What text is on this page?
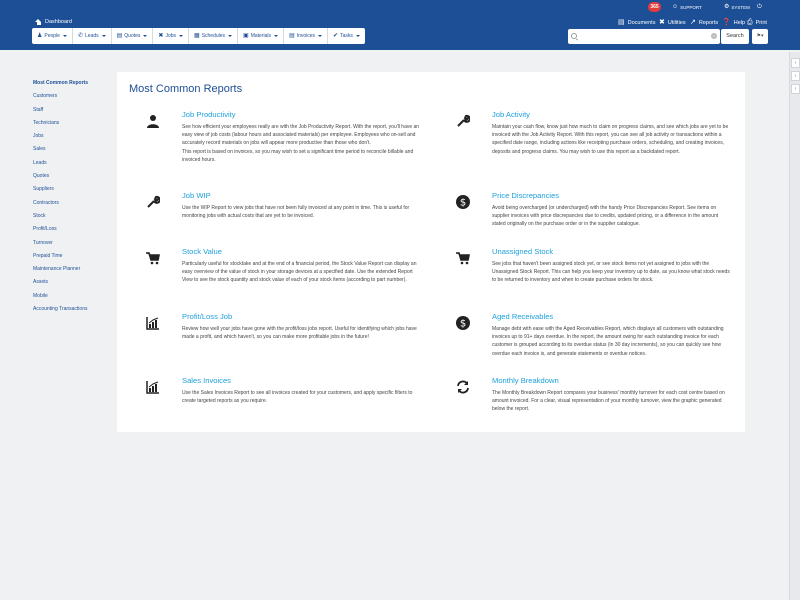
Dashboard
365	☺ SUPPORT	⚙ SYSTEM ⏻
▤ Documents ✖ Utilities ↗ Reports ❓ Help ⎙ Print
♟ People	✆ Leads	▤ Quotes	✖ Jobs	▦ Schedules	▣ Materials	▤ Invoices	✔ Tasks	×	Search	⚑▾
‹
‹
‹
Most Common Reports
Customers
Staff
Technicians
Jobs
Sales
Leads
Quotes
Suppliers
Contractors
Stock
Profit/Loss
Turnover
Prepaid Time
Maintenance Planner
Assets
Mobile
Accounting Transactions
Most Common Reports
Job Productivity
See how efficient your employees really are with the Job Productivity Report. With the report, you'll have an easy view of job costs (labour hours and associated materials) per employee. Employees who on-sell and accurately record materials on jobs will appear more productive than those who don't.
This report is based on invoices, so you may wish to set a significant time period to reconcile billable and invoiced hours.
Job Activity
Maintain your cash flow, know just how much to claim on progress claims, and see which jobs are yet to be invoiced with the Job Activity Report. With this report, you can see all job activity or transactions within a specified date range, including actions like receipting purchase orders, scheduling, and creating invoices, deposits and progress claims. You may wish to use this report as a backdated report.
Job WIP
Use the WIP Report to view jobs that have not been fully invoiced at any point in time. This is useful for monitoring jobs with actual costs that are yet to be invoiced.
$
Price Discrepancies
Avoid being overcharged (or undercharged) with the handy Price Discrepancies Report. See items on supplier invoices with price discrepancies due to credits, updated pricing, or a difference in the amount stated originally on the purchase order or in the supplier catalogue.
Stock Value
Particularly useful for stocktake and at the end of a financial period, the Stock Value Report can display an easy overview of the value of stock in your storage devices at a specified date. Use the extended Report View to see the stock quantity and stock value of each of your stock items (according to part number).
Unassigned Stock
See jobs that haven't been assigned stock yet, or see stock items not yet assigned to jobs with the Unassigned Stock Report. This can help you keep your inventory up to date, as you know what stock needs to be returned to inventory and when to create purchase orders for stock.
Profit/Loss Job
Review how well your jobs have gone with the profit/loss jobs report. Useful for identifying which jobs have made a profit, and which haven't, so you can make more profitable jobs in the future!
$
Aged Receivables
Manage debt with ease with the Aged Receivables Report, which displays all customers with outstanding invoices up to 91+ days overdue. In the report, the amount owing for each outstanding invoice for each customer is grouped according to its overdue status (in 30 day increments), so you can quickly see how overdue each invoice is, and generate statements or overdue notices.
Sales Invoices
Use the Sales Invoices Report to see all invoices created for your customers, and apply specific filters to create targeted reports as you require.
Monthly Breakdown
The Monthly Breakdown Report compares your business' monthly turnover for each cost centre based on amount invoiced. For a clear, visual representation of your monthly turnover, view the graphic generated below the report.
